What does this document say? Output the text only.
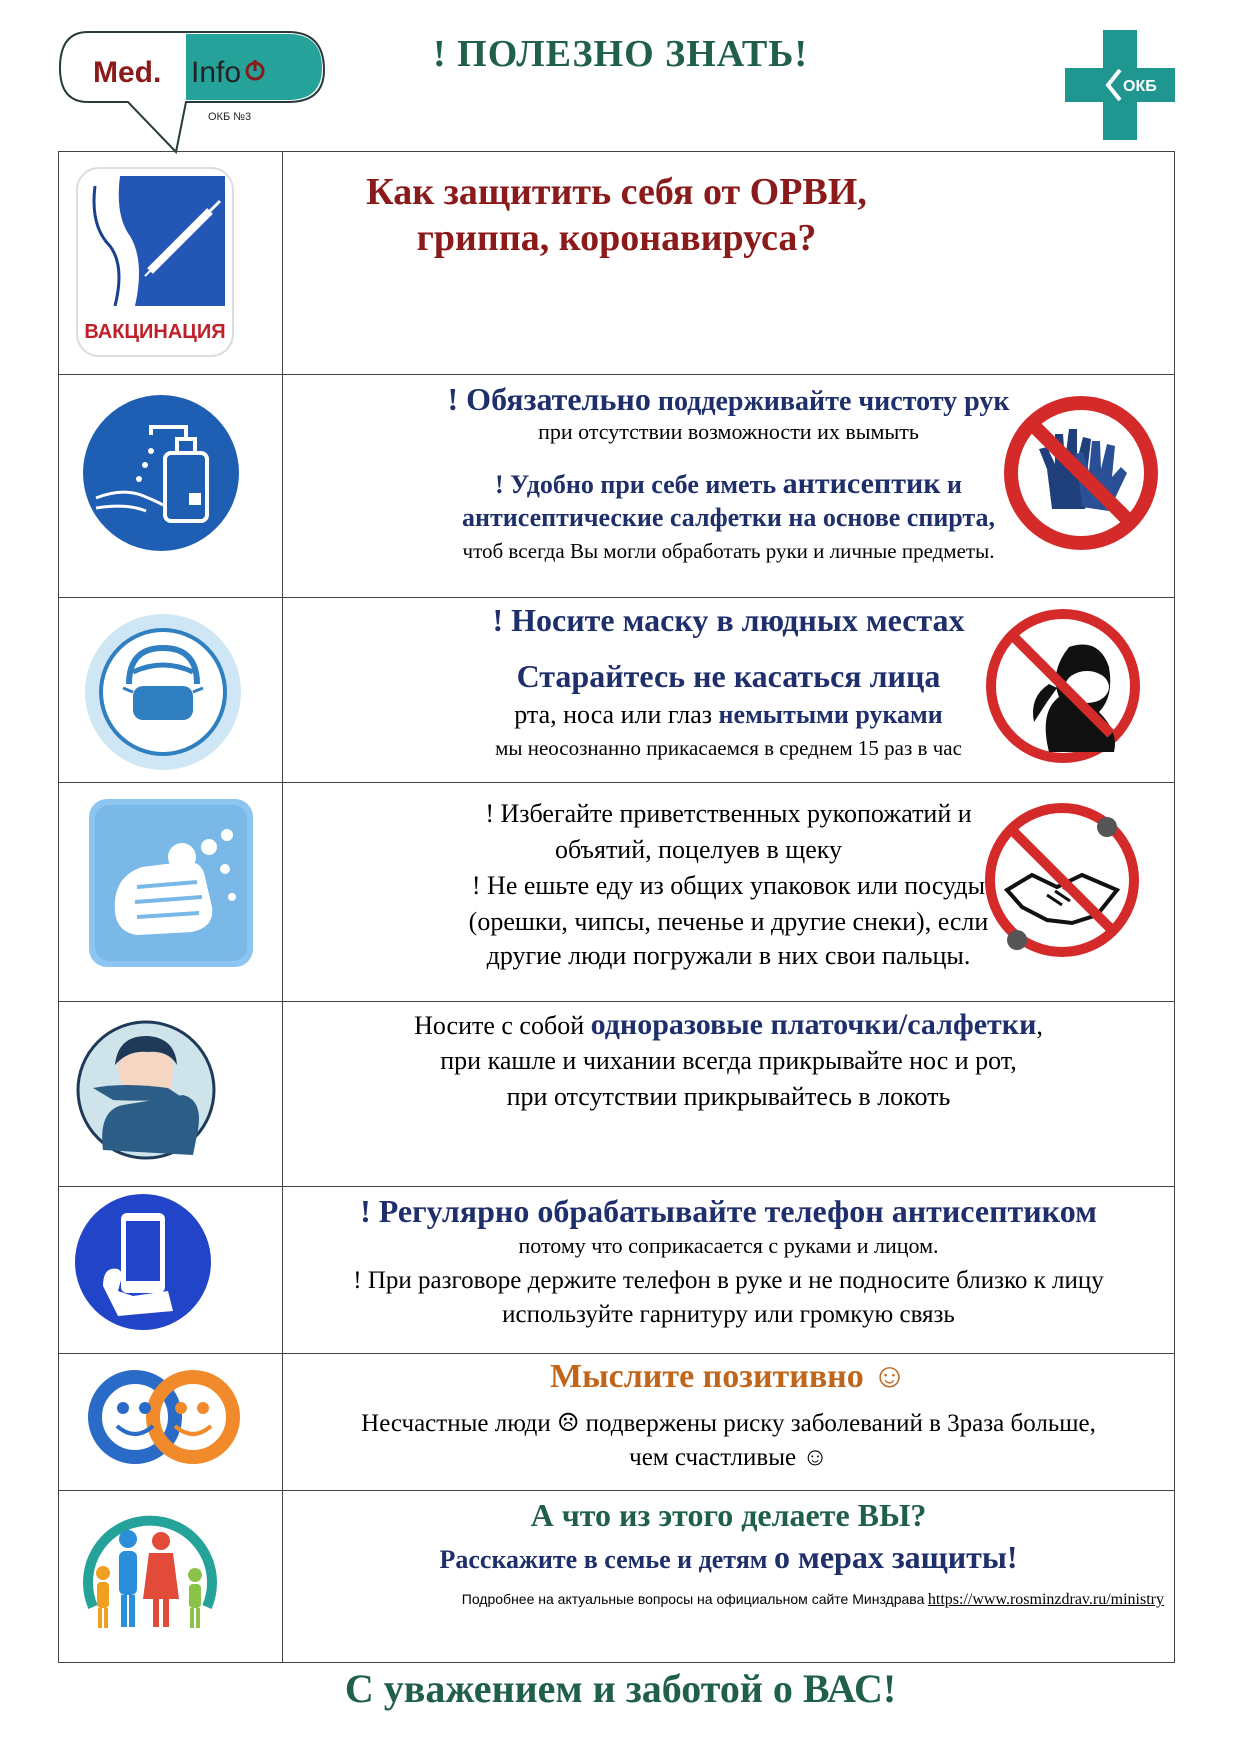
Med. Info
ОКБ №3
! ПОЛЕЗНО ЗНАТЬ!
ОКБ
ВАКЦИНАЦИЯ
Как защитить себя от ОРВИ,
гриппа, коронавируса?
! Обязательно поддерживайте чистоту рук
при отсутствии возможности их вымыть
! Удобно при себе иметь антисептик и
антисептические салфетки на основе спирта,
чтоб всегда Вы могли обработать руки и личные предметы.
! Носите маску в людных местах
Старайтесь не касаться лица
рта, носа или глаз немытыми руками
мы неосознанно прикасаемся в среднем 15 раз в час
! Избегайте приветственных рукопожатий и
объятий, поцелуев в щеку
! Не ешьте еду из общих упаковок или посуды
(орешки, чипсы, печенье и другие снеки), если
другие люди погружали в них свои пальцы.
Носите с собой одноразовые платочки/салфетки,
при кашле и чихании всегда прикрывайте нос и рот,
при отсутствии прикрывайтесь в локоть
! Регулярно обрабатывайте телефон антисептиком
потому что соприкасается с руками и лицом.
! При разговоре держите телефон в руке и не подносите близко к лицу
используйте гарнитуру или громкую связь
Мыслите позитивно ☺
Несчастные люди ☹ подвержены риску заболеваний в 3раза больше,
чем счастливые ☺
А что из этого делаете ВЫ?
Расскажите в семье и детям о мерах защиты!
Подробнее на актуальные вопросы на официальном сайте Минздрава https://www.rosminzdrav.ru/ministry
С уважением и заботой о ВАС!
